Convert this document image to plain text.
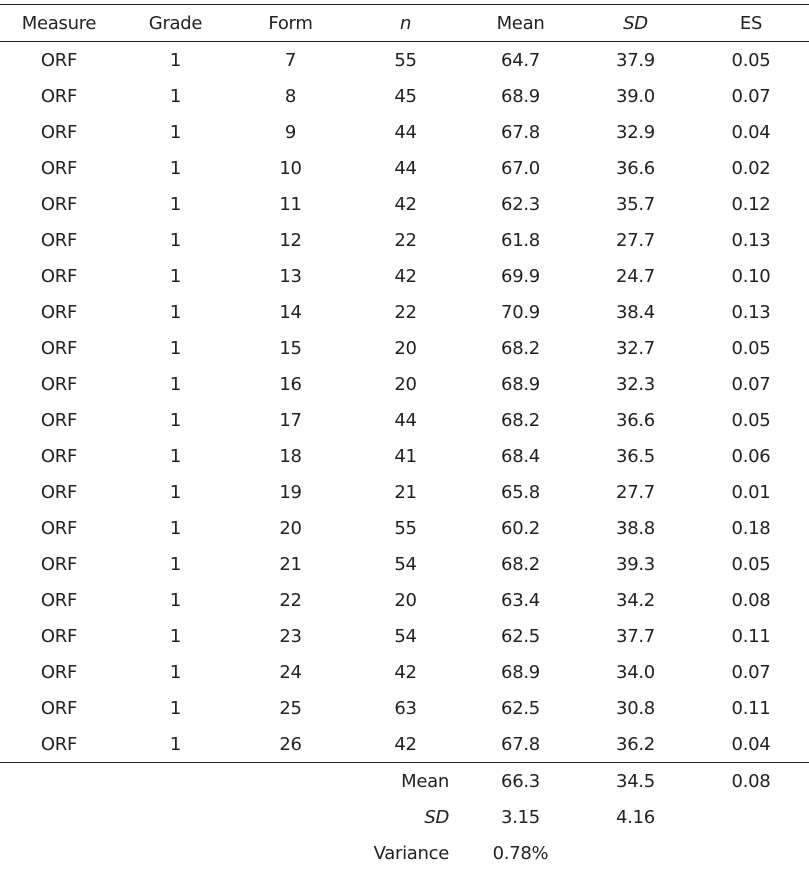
Measure	Grade	Form	n	Mean	SD	ES
ORF	1	7	55	64.7	37.9	0.05
ORF	1	8	45	68.9	39.0	0.07
ORF	1	9	44	67.8	32.9	0.04
ORF	1	10	44	67.0	36.6	0.02
ORF	1	11	42	62.3	35.7	0.12
ORF	1	12	22	61.8	27.7	0.13
ORF	1	13	42	69.9	24.7	0.10
ORF	1	14	22	70.9	38.4	0.13
ORF	1	15	20	68.2	32.7	0.05
ORF	1	16	20	68.9	32.3	0.07
ORF	1	17	44	68.2	36.6	0.05
ORF	1	18	41	68.4	36.5	0.06
ORF	1	19	21	65.8	27.7	0.01
ORF	1	20	55	60.2	38.8	0.18
ORF	1	21	54	68.2	39.3	0.05
ORF	1	22	20	63.4	34.2	0.08
ORF	1	23	54	62.5	37.7	0.11
ORF	1	24	42	68.9	34.0	0.07
ORF	1	25	63	62.5	30.8	0.11
ORF	1	26	42	67.8	36.2	0.04
Mean				66.3	34.5	0.08
SD				3.15	4.16	
Variance				0.78%		
